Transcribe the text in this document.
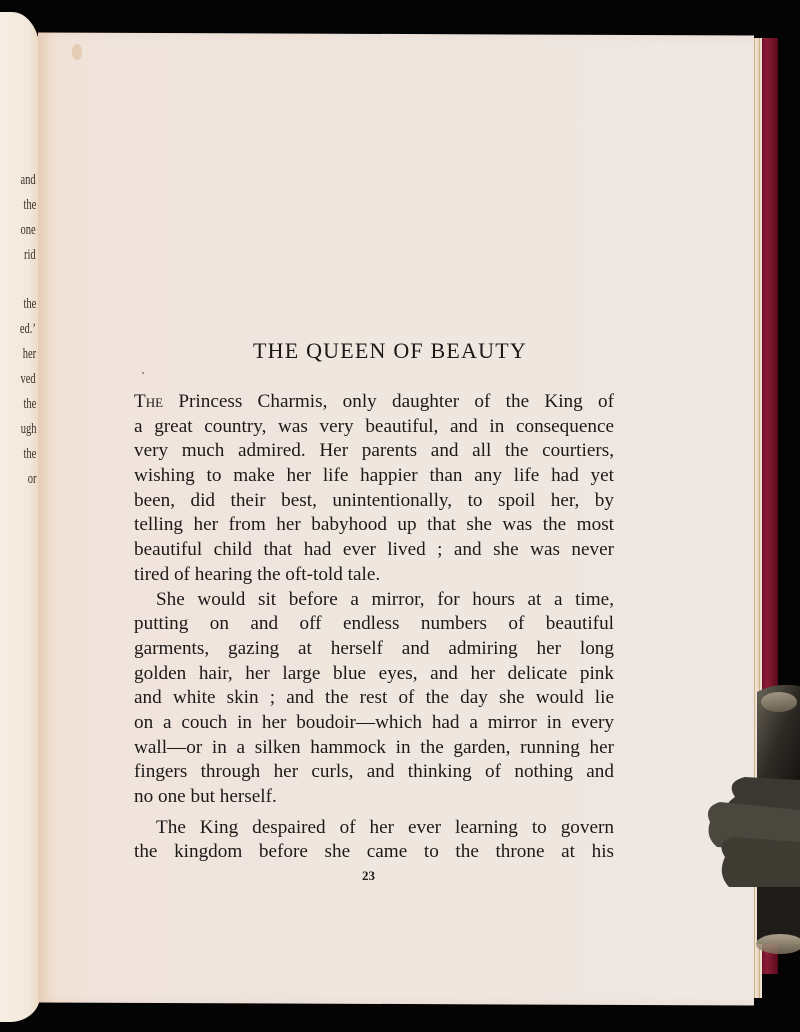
and
the
one
rid
the
ed.’
her
ved
the
ugh
the
or
THE QUEEN OF BEAUTY
The Princess Charmis, only daughter of the King of
a great country, was very beautiful, and in consequence
very much admired. Her parents and all the courtiers,
wishing to make her life happier than any life had yet
been, did their best, unintentionally, to spoil her, by
telling her from her babyhood up that she was the most
beautiful child that had ever lived ; and she was never
tired of hearing the oft-told tale.
She would sit before a mirror, for hours at a time,
putting on and off endless numbers of beautiful
garments, gazing at herself and admiring her long
golden hair, her large blue eyes, and her delicate pink
and white skin ; and the rest of the day she would lie
on a couch in her boudoir—which had a mirror in every
wall—or in a silken hammock in the garden, running her
fingers through her curls, and thinking of nothing and
no one but herself.
The King despaired of her ever learning to govern
the kingdom before she came to the throne at his
23
